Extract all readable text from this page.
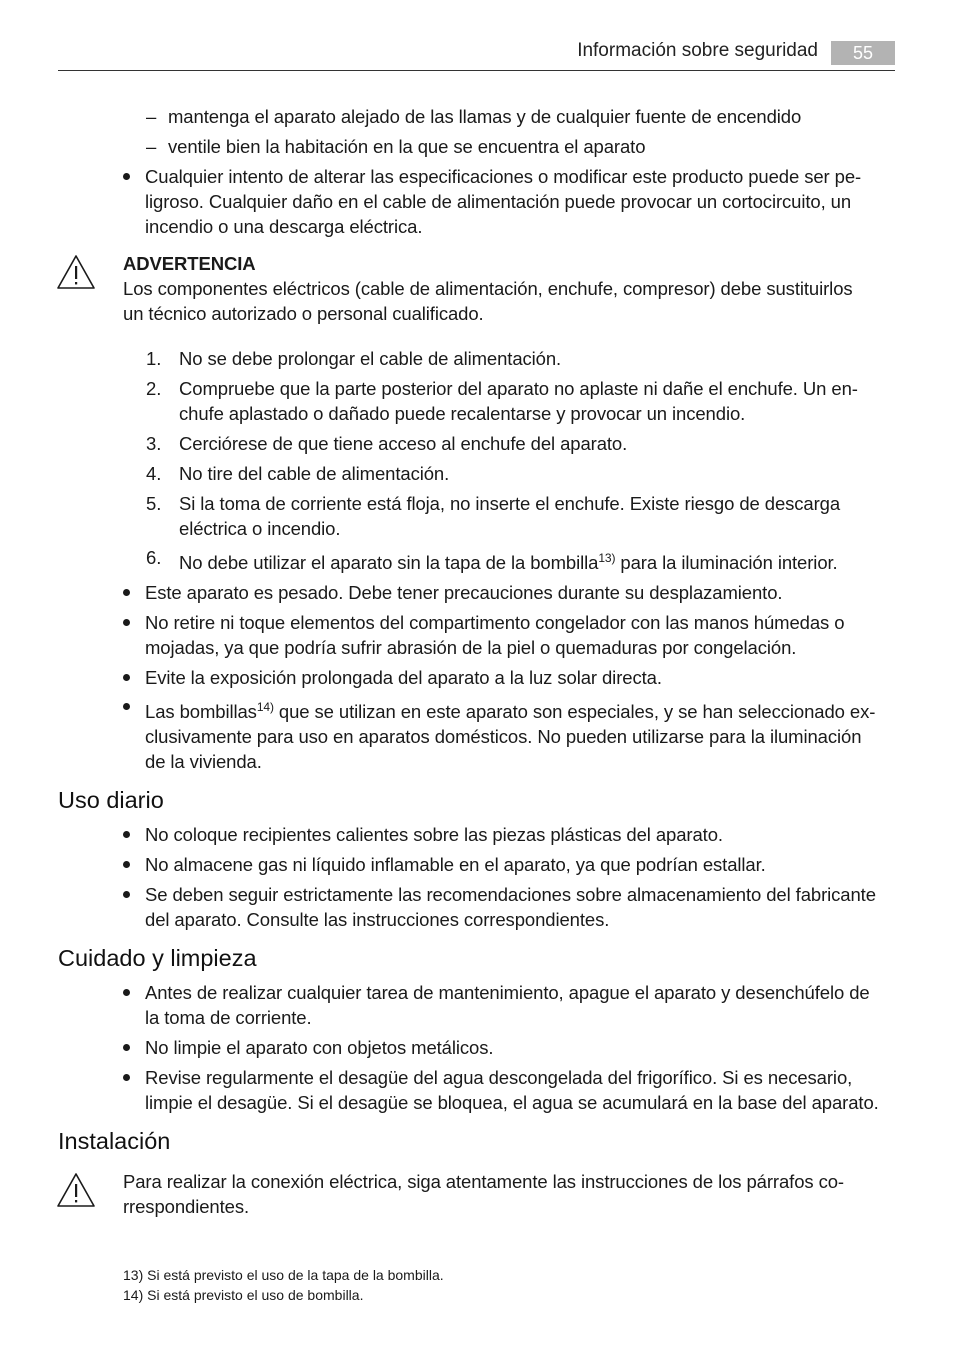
Información sobre seguridad	55
– mantenga el aparato alejado de las llamas y de cualquier fuente de encendido
– ventile bien la habitación en la que se encuentra el aparato
Cualquier intento de alterar las especificaciones o modificar este producto puede ser pe-
ligroso. Cualquier daño en el cable de alimentación puede provocar un cortocircuito, un
incendio o una descarga eléctrica.
ADVERTENCIA
Los componentes eléctricos (cable de alimentación, enchufe, compresor) debe sustituirlos
un técnico autorizado o personal cualificado.
1. No se debe prolongar el cable de alimentación.
2. Compruebe que la parte posterior del aparato no aplaste ni dañe el enchufe. Un en-
chufe aplastado o dañado puede recalentarse y provocar un incendio.
3. Cerciórese de que tiene acceso al enchufe del aparato.
4. No tire del cable de alimentación.
5. Si la toma de corriente está floja, no inserte el enchufe. Existe riesgo de descarga
eléctrica o incendio.
6. No debe utilizar el aparato sin la tapa de la bombilla$^{13)}$ para la iluminación interior.
Este aparato es pesado. Debe tener precauciones durante su desplazamiento.
No retire ni toque elementos del compartimento congelador con las manos húmedas o
mojadas, ya que podría sufrir abrasión de la piel o quemaduras por congelación.
Evite la exposición prolongada del aparato a la luz solar directa.
Las bombillas$^{14)}$ que se utilizan en este aparato son especiales, y se han seleccionado ex-
clusivamente para uso en aparatos domésticos. No pueden utilizarse para la iluminación
de la vivienda.
Uso diario
No coloque recipientes calientes sobre las piezas plásticas del aparato.
No almacene gas ni líquido inflamable en el aparato, ya que podrían estallar.
Se deben seguir estrictamente las recomendaciones sobre almacenamiento del fabricante
del aparato. Consulte las instrucciones correspondientes.
Cuidado y limpieza
Antes de realizar cualquier tarea de mantenimiento, apague el aparato y desenchúfelo de
la toma de corriente.
No limpie el aparato con objetos metálicos.
Revise regularmente el desagüe del agua descongelada del frigorífico. Si es necesario,
limpie el desagüe. Si el desagüe se bloquea, el agua se acumulará en la base del aparato.
Instalación
Para realizar la conexión eléctrica, siga atentamente las instrucciones de los párrafos co-
rrespondientes.
13) Si está previsto el uso de la tapa de la bombilla.
14) Si está previsto el uso de bombilla.
